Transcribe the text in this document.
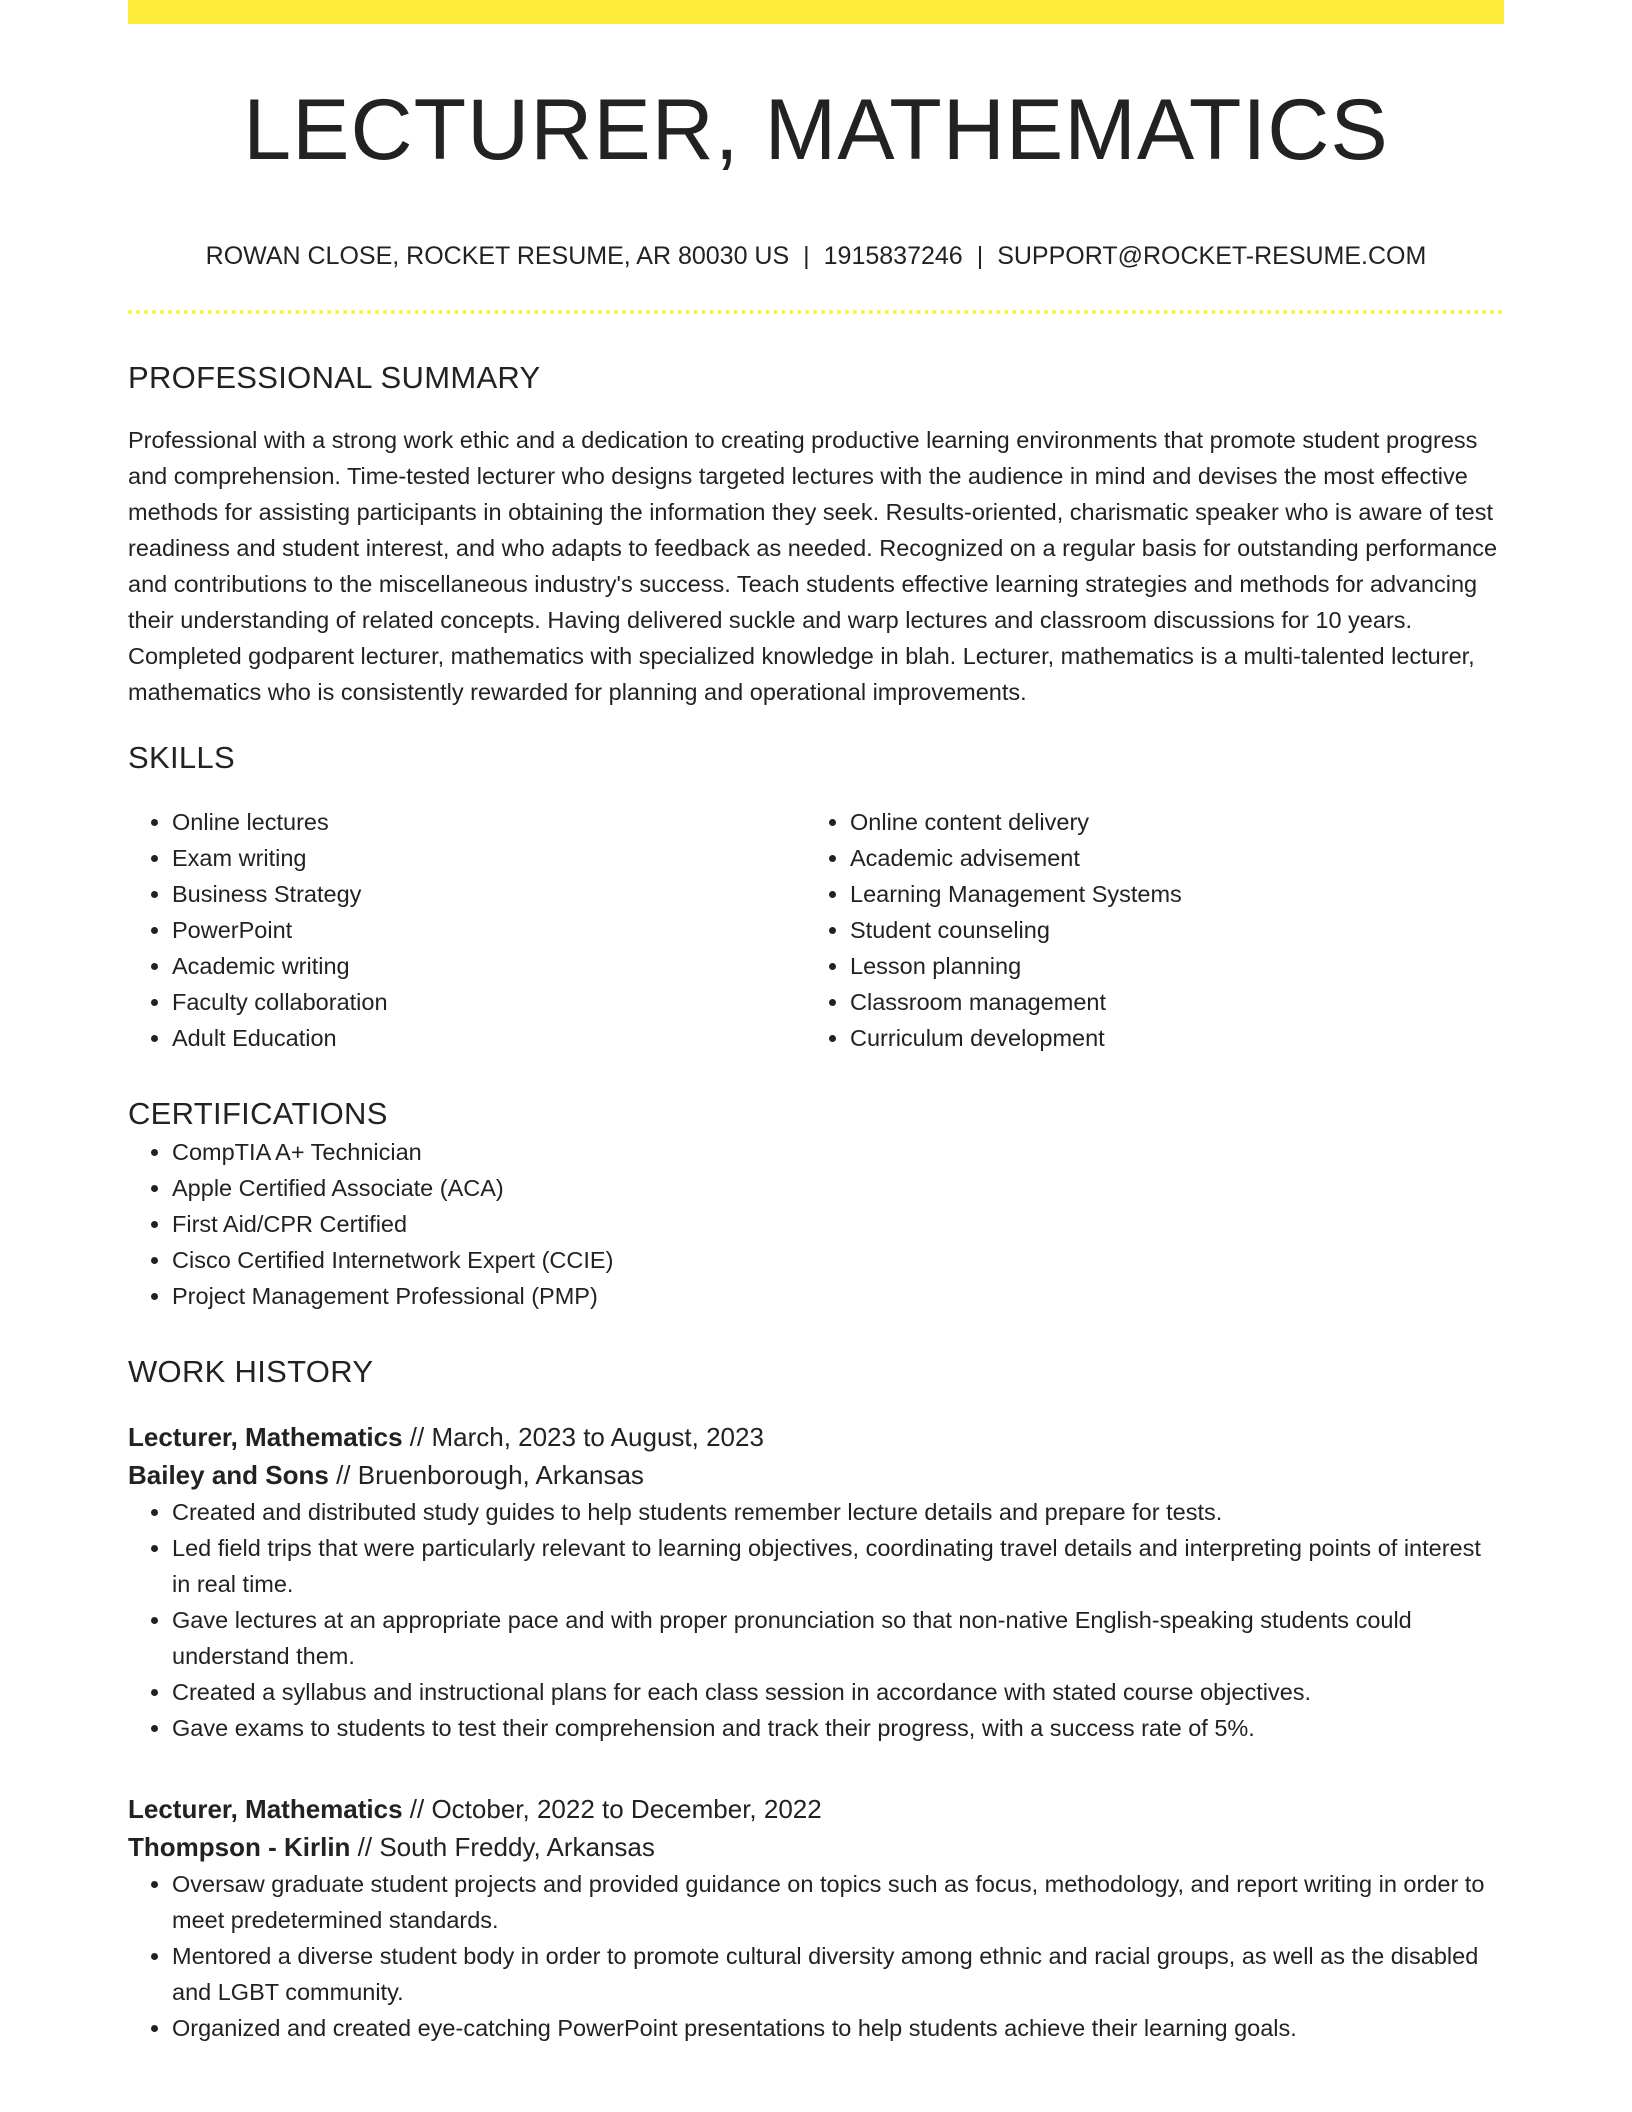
LECTURER, MATHEMATICS
ROWAN CLOSE, ROCKET RESUME, AR 80030 US | 1915837246 | SUPPORT@ROCKET-RESUME.COM
PROFESSIONAL SUMMARY

Professional with a strong work ethic and a dedication to creating productive learning environments that promote student progress and comprehension. Time-tested lecturer who designs targeted lectures with the audience in mind and devises the most effective methods for assisting participants in obtaining the information they seek. Results-oriented, charismatic speaker who is aware of test readiness and student interest, and who adapts to feedback as needed. Recognized on a regular basis for outstanding performance and contributions to the miscellaneous industry's success. Teach students effective learning strategies and methods for advancing their understanding of related concepts. Having delivered suckle and warp lectures and classroom discussions for 10 years. Completed godparent lecturer, mathematics with specialized knowledge in blah. Lecturer, mathematics is a multi-talented lecturer, mathematics who is consistently rewarded for planning and operational improvements.

SKILLS
• Online lectures
• Exam writing
• Business Strategy
• PowerPoint
• Academic writing
• Faculty collaboration
• Adult Education
• Online content delivery
• Academic advisement
• Learning Management Systems
• Student counseling
• Lesson planning
• Classroom management
• Curriculum development
CERTIFICATIONS
• CompTIA A+ Technician
• Apple Certified Associate (ACA)
• First Aid/CPR Certified
• Cisco Certified Internetwork Expert (CCIE)
• Project Management Professional (PMP)
WORK HISTORY
Lecturer, Mathematics // March, 2023 to August, 2023
Bailey and Sons // Bruenborough, Arkansas
• Created and distributed study guides to help students remember lecture details and prepare for tests.
• Led field trips that were particularly relevant to learning objectives, coordinating travel details and interpreting points of interest in real time.
• Gave lectures at an appropriate pace and with proper pronunciation so that non-native English-speaking students could understand them.
• Created a syllabus and instructional plans for each class session in accordance with stated course objectives.
• Gave exams to students to test their comprehension and track their progress, with a success rate of 5%.
Lecturer, Mathematics // October, 2022 to December, 2022
Thompson - Kirlin // South Freddy, Arkansas
• Oversaw graduate student projects and provided guidance on topics such as focus, methodology, and report writing in order to meet predetermined standards.
• Mentored a diverse student body in order to promote cultural diversity among ethnic and racial groups, as well as the disabled and LGBT community.
• Organized and created eye-catching PowerPoint presentations to help students achieve their learning goals.
